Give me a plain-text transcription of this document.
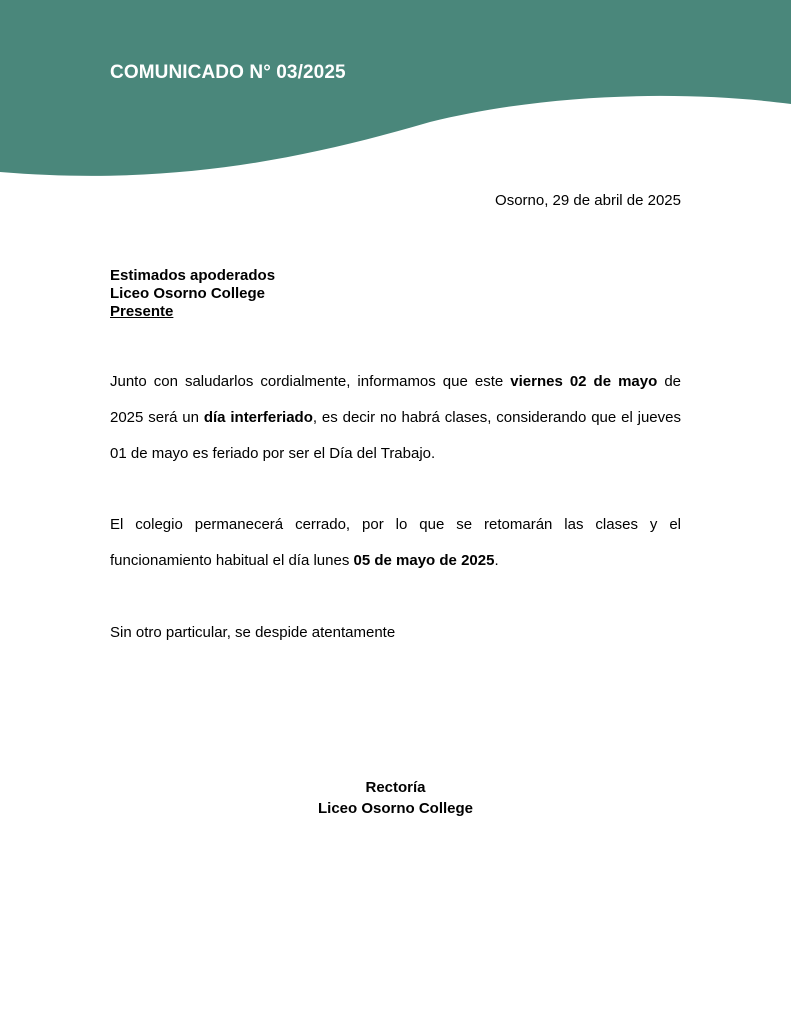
COMUNICADO N° 03/2025
Osorno, 29 de abril de 2025
Estimados apoderados
Liceo Osorno College
Presente

Junto con saludarlos cordialmente, informamos que este viernes 02 de mayo de 2025 será un día interferiado, es decir no habrá clases, considerando que el jueves 01 de mayo es feriado por ser el Día del Trabajo.

El colegio permanecerá cerrado, por lo que se retomarán las clases y el funcionamiento habitual el día lunes 05 de mayo de 2025.

Sin otro particular, se despide atentamente

Rectoría
Liceo Osorno College
